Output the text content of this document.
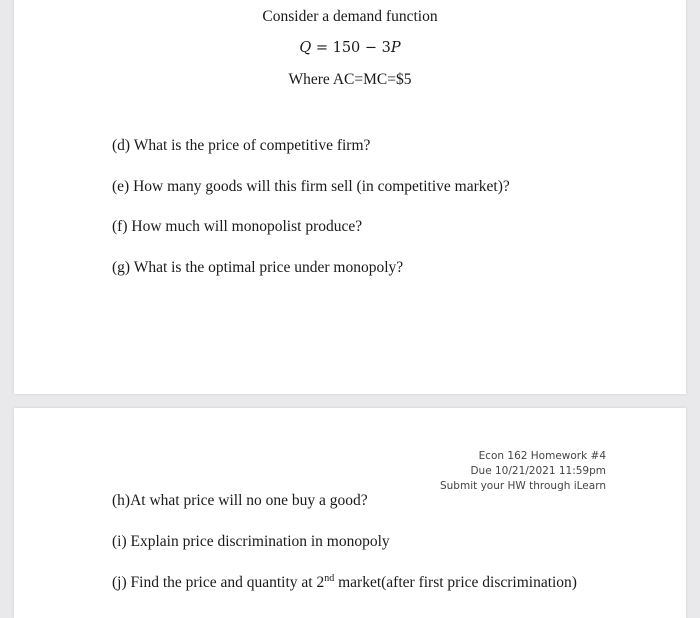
Consider a demand function
Q = 150 − 3P
Where AC=MC=$5
(d) What is the price of competitive firm?
(e) How many goods will this firm sell (in competitive market)?
(f) How much will monopolist produce?
(g) What is the optimal price under monopoly?
Econ 162 Homework #4
Due 10/21/2021 11:59pm
Submit your HW through iLearn
(h)At what price will no one buy a good?
(i) Explain price discrimination in monopoly
(j) Find the price and quantity at 2nd market(after first price discrimination)
